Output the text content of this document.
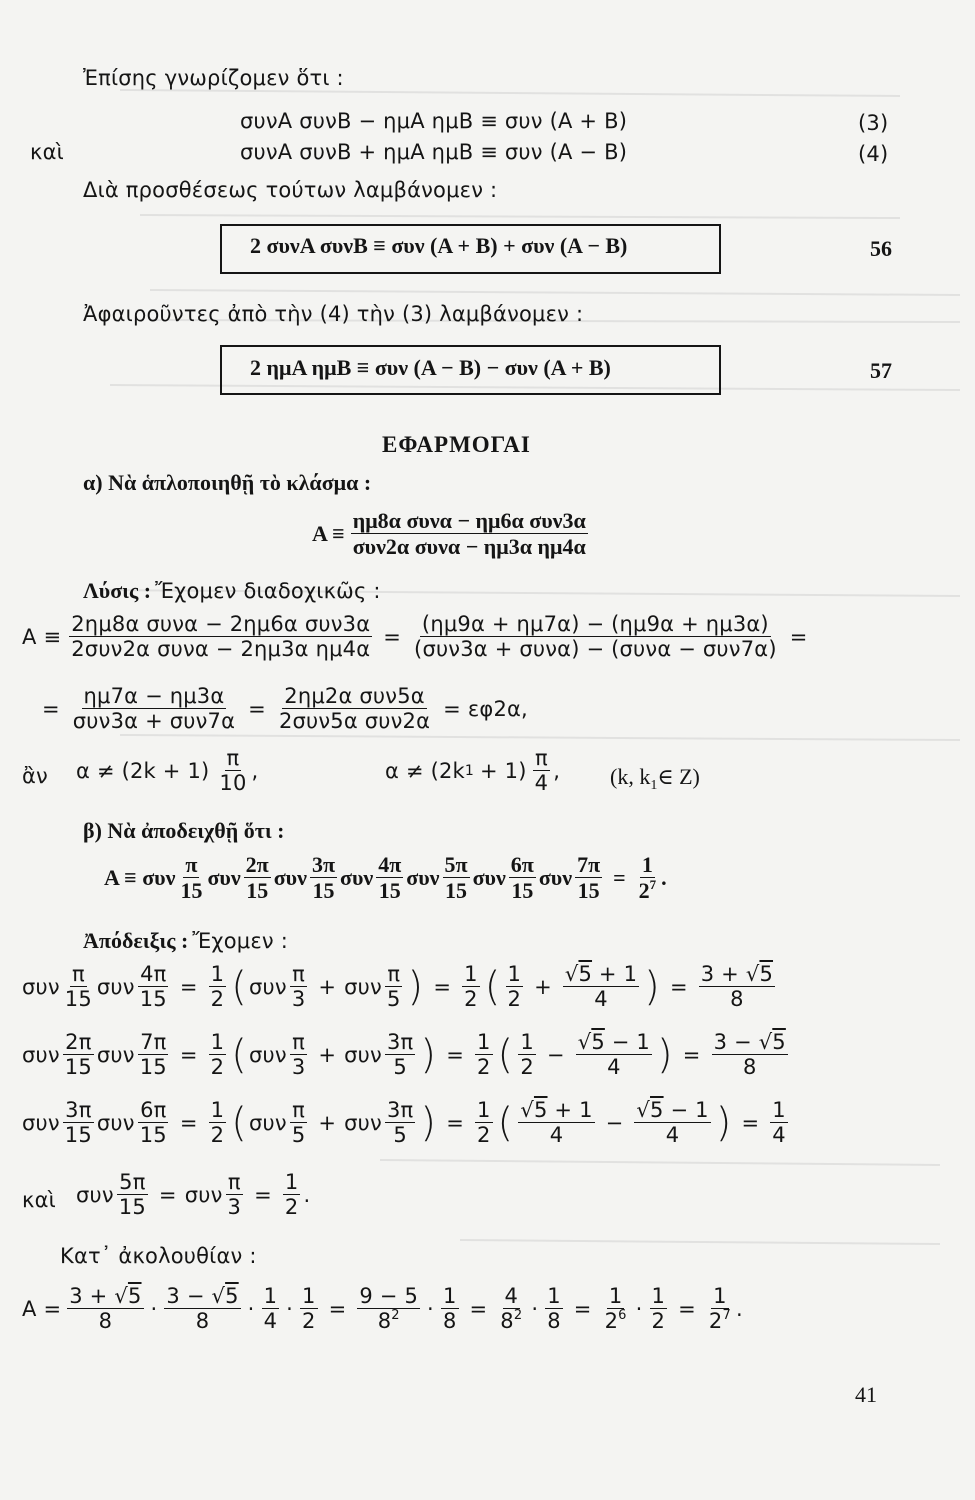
Ἐπίσης γνωρίζομεν ὅτι :
συνΑ συνΒ − ημΑ ημΒ ≡ συν (Α + Β)	(3)
καὶ	συνΑ συνΒ + ημΑ ημΒ ≡ συν (Α − Β)	(4)
Διὰ προσθέσεως τούτων λαμβάνομεν :
2 συνΑ συνΒ ≡ συν (Α + Β) + συν (Α − Β)	56
Ἀφαιροῦντες ἀπὸ τὴν (4) τὴν (3) λαμβάνομεν :
2 ημΑ ημΒ ≡ συν (Α − Β) − συν (Α + Β)	57
ΕΦΑΡΜΟΓΑΙ
α) Νὰ ἁπλοποιηθῇ τὸ κλάσμα :
$A \equiv \frac{\text{ημ8α συνα − ημ6α συν3α}}{\text{συν2α συνα − ημ3α ημ4α}}$
Λύσις : Ἔχομεν διαδοχικῶς :
$A \equiv \frac{\text{2ημ8α συνα − 2ημ6α συν3α}}{\text{2συν2α συνα − 2ημ3α ημ4α}} = \frac{(\eta\mu 9\alpha + \eta\mu 7\alpha) - (\eta\mu 9\alpha + \eta\mu 3\alpha)}{\text{(συν3α + συνα) − (συνα − συν7α)}}$ =
= $\frac{\eta\mu 7\alpha - \eta\mu 3\alpha}{\text{συν3α + συν7α}} = \frac{\text{2ημ2α συν5α}}{\text{2συν5α συν2α}} = \varepsilon\varphi 2\alpha$,
ἂν $\alpha \ne (2k + 1) \frac{\pi}{10}$ ,	α ≠ (2k $1 + 1) \frac{\pi}{4}$ , (k, $k_1\in$ Z)
β) Νὰ ἀποδειχθῇ ὅτι :
Α ≡ συν $\frac{\pi}{15}$ συν $\frac{2\pi}{15}$ συν $\frac{3\pi}{15}$ συν $\frac{4\pi}{15}$ συν $\frac{5\pi}{15}$ συν $\frac{6\pi}{15}$ συν $\frac{7\pi}{15} = \frac{1}{2^7}$ .
Ἀπόδειξις : Ἔχομεν :
συν $\frac{\pi}{15}$ συν $\frac{4\pi}{15} = \frac{1}{2}$ ( συν $\frac{\pi}{3} + \sigma\upsilon\nu \frac{\pi}{5}$ ) = $\frac{1}{2}$ ( $\frac{1}{2} + \frac{√5 + 1}{4}$ ) = $\frac{3 + √5}{8}$
συν $\frac{2\pi}{15}$ συν $\frac{7\pi}{15} = \frac{1}{2}$ ( συν $\frac{\pi}{3} + \sigma\upsilon\nu \frac{3\pi}{5}$ ) = $\frac{1}{2}$ ( $\frac{1}{2} - \frac{√5 - 1}{4}$ ) = $\frac{3 - √5}{8}$
συν $\frac{3\pi}{15}$ συν $\frac{6\pi}{15} = \frac{1}{2}$ ( συν $\frac{\pi}{5} + \sigma\upsilon\nu \frac{3\pi}{5}$ ) = $\frac{1}{2}$ ( $\frac{√5 + 1}{4} - \frac{√5 - 1}{4}$ ) = $\frac{1}{4}$
καὶ συν $\frac{5\pi}{15} = \sigma\upsilon\nu \frac{\pi}{3} = \frac{1}{2}$ .
Κατ᾽ ἀκολουθίαν :
$A = \frac{3 + √5}{8} \cdot \frac{3 - √5}{8} \cdot \frac{1}{4} \cdot \frac{1}{2} = \frac{9 - 5}{8^2} \cdot \frac{1}{8} = \frac{4}{8^2} \cdot \frac{1}{8} = \frac{1}{2^6} \cdot \frac{1}{2} = \frac{1}{2^7}$ .
41
